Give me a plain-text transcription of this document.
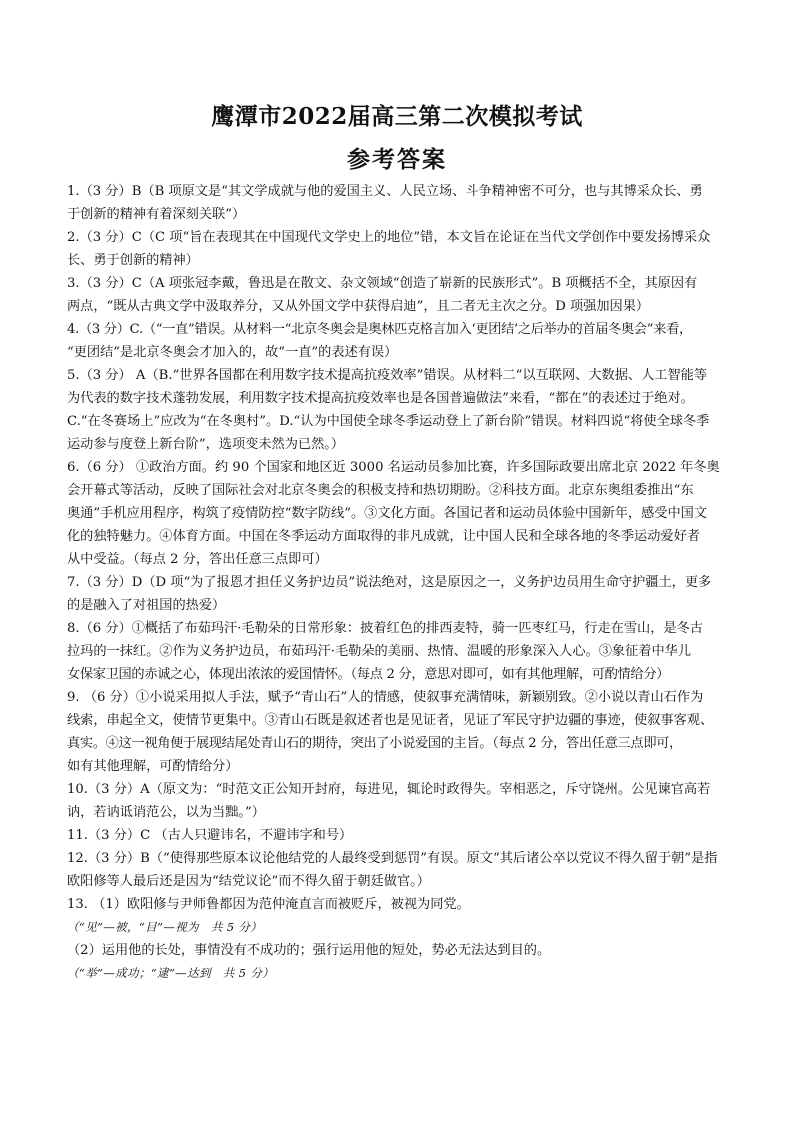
鹰潭市2022届高三第二次模拟考试
参考答案
1.（3 分）B（B 项原文是“其文学成就与他的爱国主义、人民立场、斗争精神密不可分，也与其博采众长、勇
于创新的精神有着深刻关联”）
2.（3 分）C（C 项“旨在表现其在中国现代文学史上的地位”错，本文旨在论证在当代文学创作中要发扬博采众
长、勇于创新的精神）
3.（3 分）C（A 项张冠李戴，鲁迅是在散文、杂文领域“创造了崭新的民族形式”。B 项概括不全，其原因有
两点，“既从古典文学中汲取养分，又从外国文学中获得启迪”，且二者无主次之分。D 项强加因果）
4.（3 分）C.（“一直”错误。从材料一“北京冬奥会是奥林匹克格言加入‘更团结’之后举办的首届冬奥会”来看，
“更团结”是北京冬奥会才加入的，故“一直”的表述有误）
5.（3 分） A（B.“世界各国都在利用数字技术提高抗疫效率”错误。从材料二“以互联网、大数据、人工智能等
为代表的数字技术蓬勃发展，利用数字技术提高抗疫效率也是各国普遍做法”来看，“都在”的表述过于绝对。
C.“在冬赛场上”应改为“在冬奥村”。D.“认为中国使全球冬季运动登上了新台阶”错误。材料四说“将使全球冬季
运动参与度登上新台阶”，选项变未然为已然。）
6.（6 分） ①政治方面。约 90 个国家和地区近 3000 名运动员参加比赛，许多国际政要出席北京 2022 年冬奥
会开幕式等活动，反映了国际社会对北京冬奥会的积极支持和热切期盼。②科技方面。北京东奥组委推出“东
奥通”手机应用程序，构筑了疫情防控“数字防线”。③文化方面。各国记者和运动员体验中国新年，感受中国文
化的独特魅力。④体育方面。中国在冬季运动方面取得的非凡成就，让中国人民和全球各地的冬季运动爱好者
从中受益。（每点 2 分，答出任意三点即可）
7.（3 分）D（D 项“为了报恩才担任义务护边员”说法绝对，这是原因之一，义务护边员用生命守护疆土，更多
的是融入了对祖国的热爱）
8.（6 分）①概括了布茹玛汗·毛勒朵的日常形象：披着红色的排西麦特，骑一匹枣红马，行走在雪山，是冬古
拉玛的一抹红。②作为义务护边员，布茹玛汗·毛勒朵的美丽、热情、温暖的形象深入人心。③象征着中华儿
女保家卫国的赤诚之心，体现出浓浓的爱国情怀。（每点 2 分，意思对即可，如有其他理解，可酌情给分）
9. （6 分）①小说采用拟人手法，赋予“青山石”人的情感，使叙事充满情味，新颖别致。②小说以青山石作为
线索，串起全文，使情节更集中。③青山石既是叙述者也是见证者，见证了军民守护边疆的事迹，使叙事客观、
真实。④这一视角便于展现结尾处青山石的期待，突出了小说爱国的主旨。（每点 2 分，答出任意三点即可，
如有其他理解，可酌情给分）
10.（3 分）A（原文为：“时范文正公知开封府，每进见，辄论时政得失。宰相恶之，斥守饶州。公见谏官高若
讷，若讷诋诮范公，以为当黜。”）
11.（3 分）C （古人只避讳名，不避讳字和号）
12.（3 分）B（“使得那些原本议论他结党的人最终受到惩罚”有误。原文“其后诸公卒以党议不得久留于朝”是指
欧阳修等人最后还是因为“结党议论”而不得久留于朝廷做官。）
13. （1）欧阳修与尹师鲁都因为范仲淹直言而被贬斥，被视为同党。
（“见”—被，“目”—视为　共 5 分）
（2）运用他的长处，事情没有不成功的；强行运用他的短处，势必无法达到目的。
（“举”—成功；“逮”—达到　共 5 分）
